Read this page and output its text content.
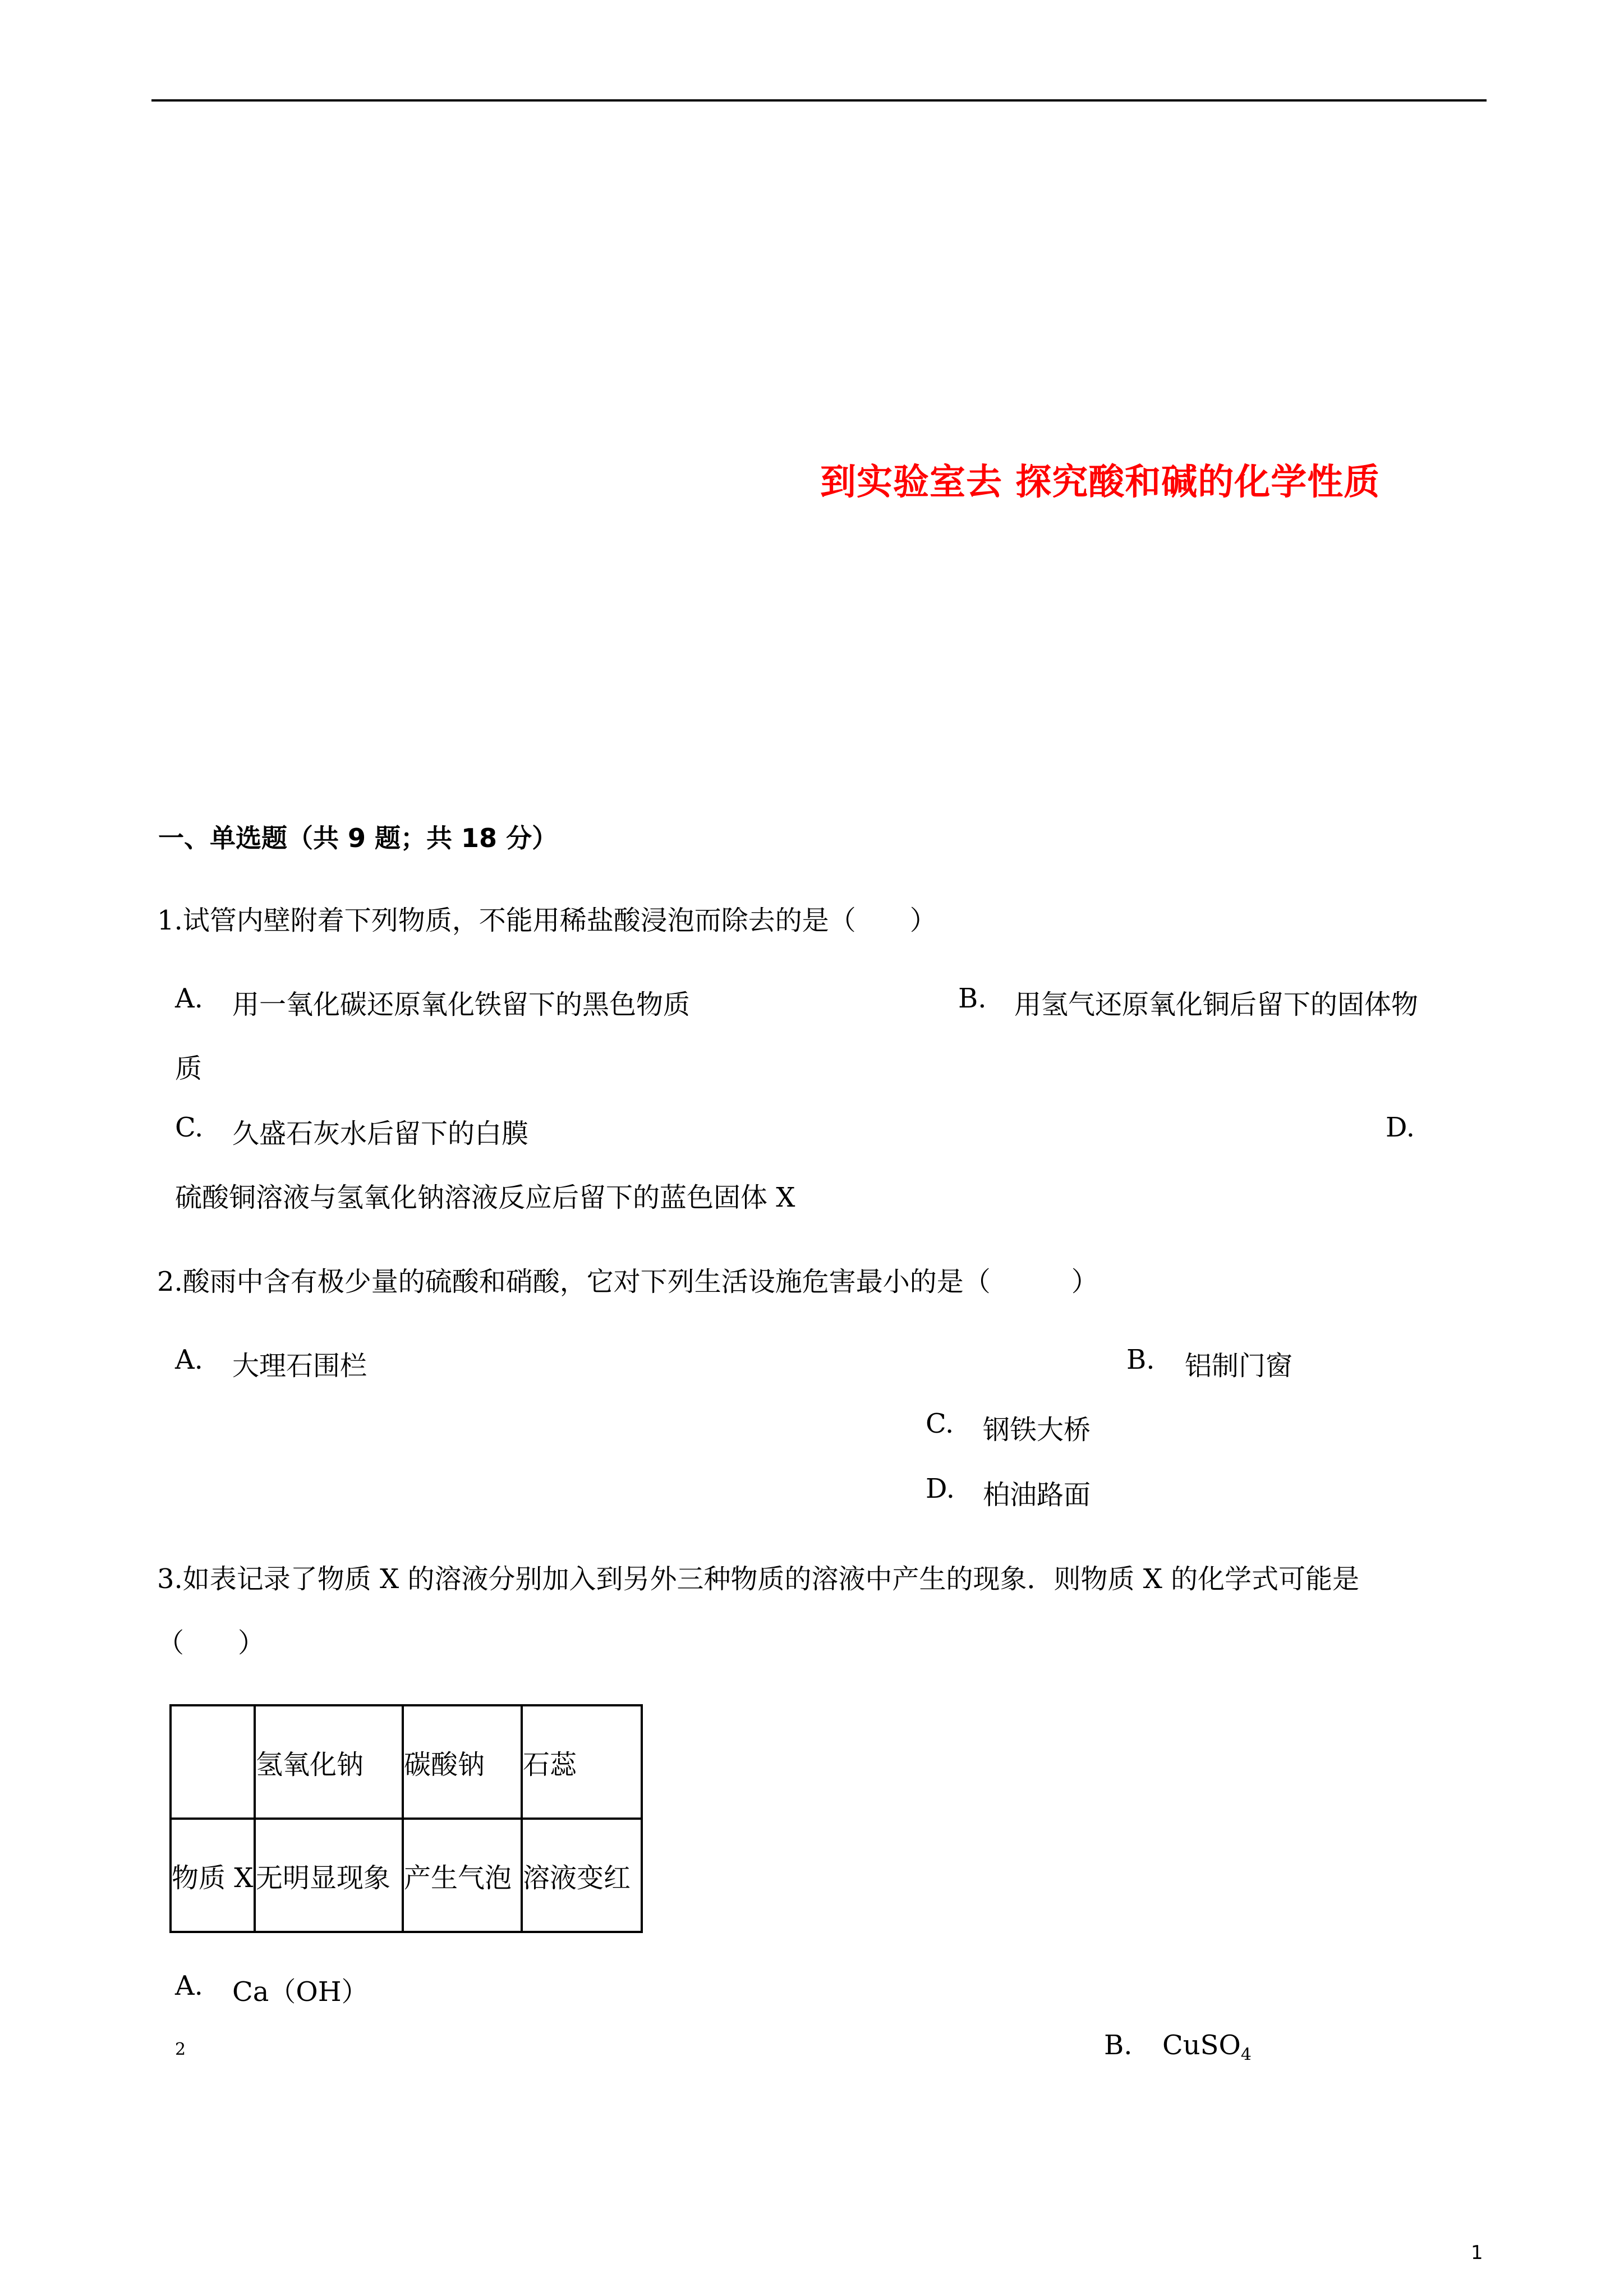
到实验室去 探究酸和碱的化学性质
一、单选题（共 9 题；共 18 分）
1.试管内壁附着下列物质，不能用稀盐酸浸泡而除去的是（　　）
A. 用一氧化碳还原氧化铁留下的黑色物质	B. 用氢气还原氧化铜后留下的固体物
质
C. 久盛石灰水后留下的白膜	D.
硫酸铜溶液与氢氧化钠溶液反应后留下的蓝色固体 X
2.酸雨中含有极少量的硫酸和硝酸，它对下列生活设施危害最小的是（　　　）
A. 大理石围栏	B. 铝制门窗
C. 钢铁大桥
D. 柏油路面
3.如表记录了物质 X 的溶液分别加入到另外三种物质的溶液中产生的现象．则物质 X 的化学式可能是
（　　）
	氢氧化钠	碳酸钠	石蕊
物质 X	无明显现象	产生气泡	溶液变红
A. Ca（OH）
2	B. CuSO$_4$
1
